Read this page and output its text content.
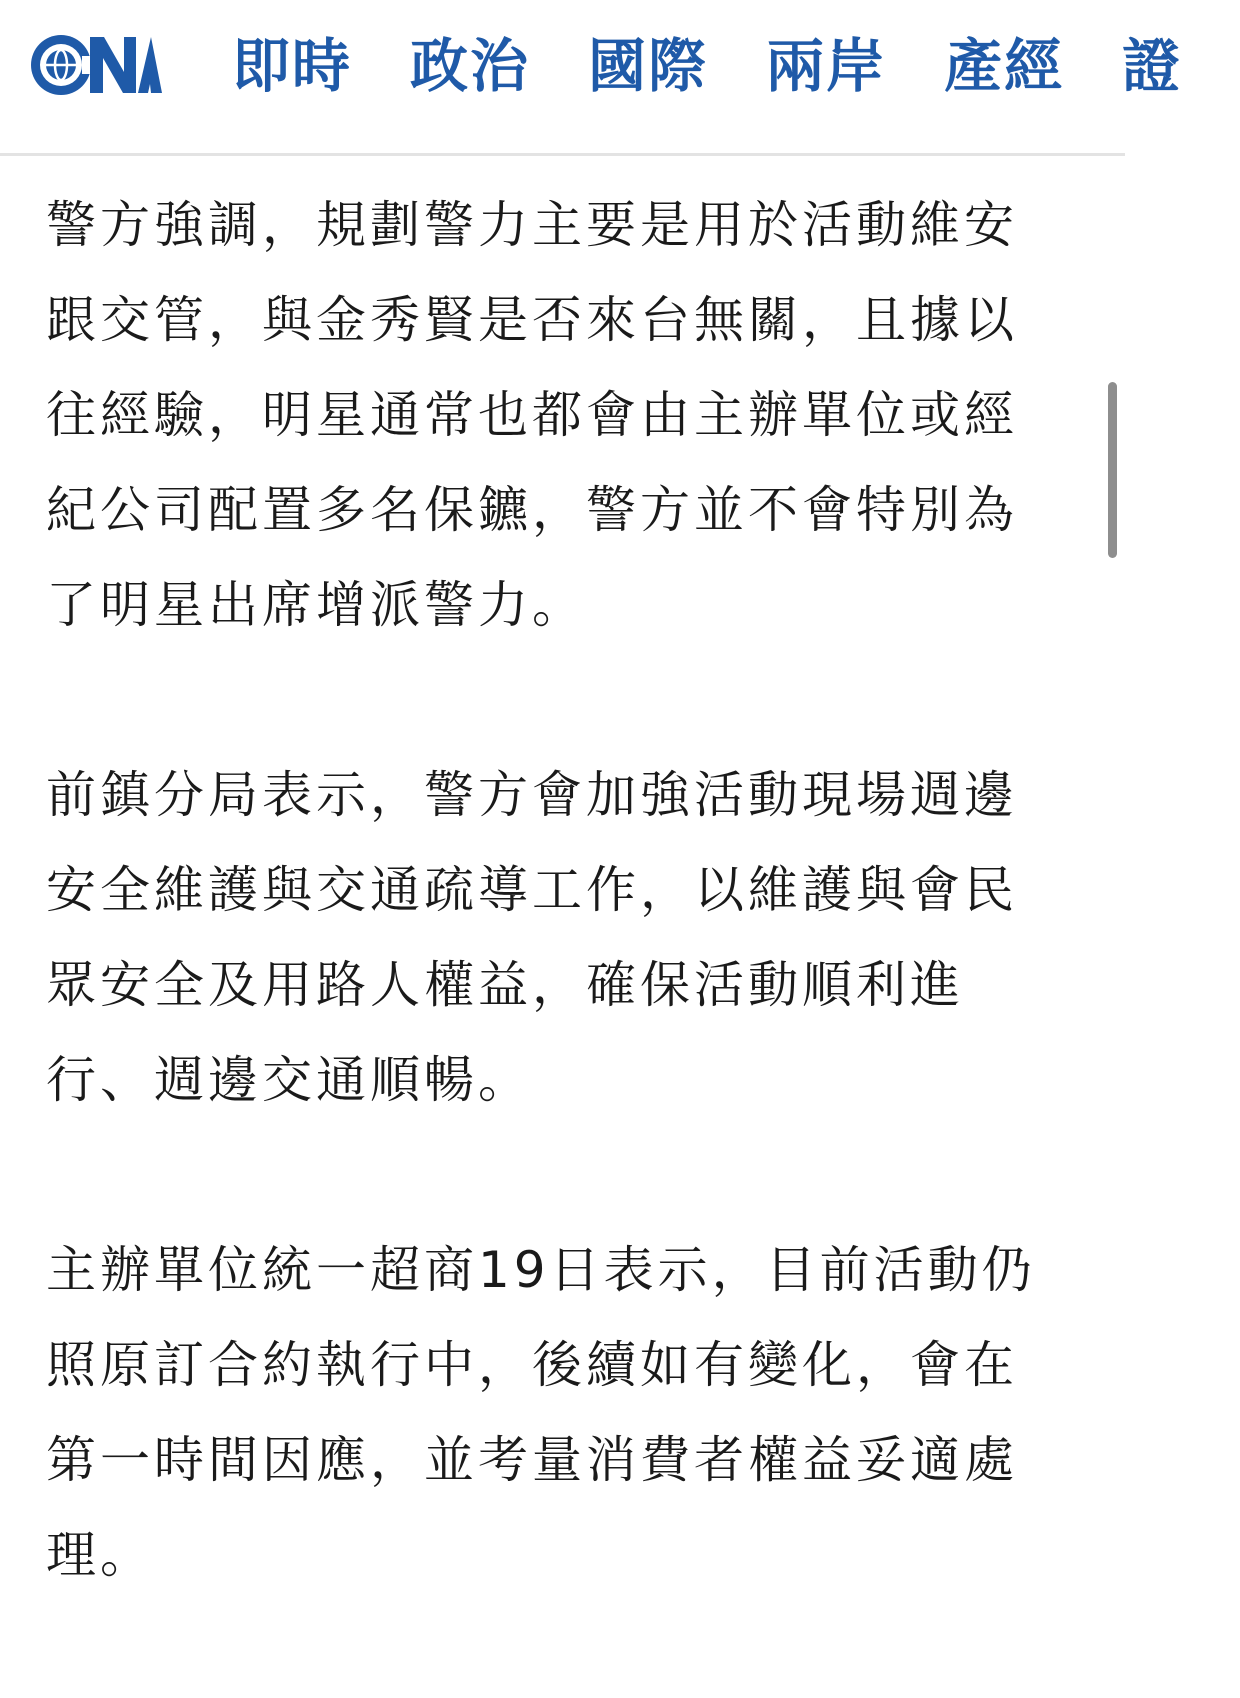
即時 政治 國際 兩岸 產經 證

警方強調，規劃警力主要是用於活動維安
跟交管，與金秀賢是否來台無關，且據以
往經驗，明星通常也都會由主辦單位或經
紀公司配置多名保鑣，警方並不會特別為
了明星出席增派警力。

前鎮分局表示，警方會加強活動現場週邊
安全維護與交通疏導工作，以維護與會民
眾安全及用路人權益，確保活動順利進
行、週邊交通順暢。

主辦單位統一超商19日表示，目前活動仍
照原訂合約執行中，後續如有變化，會在
第一時間因應，並考量消費者權益妥適處
理。
